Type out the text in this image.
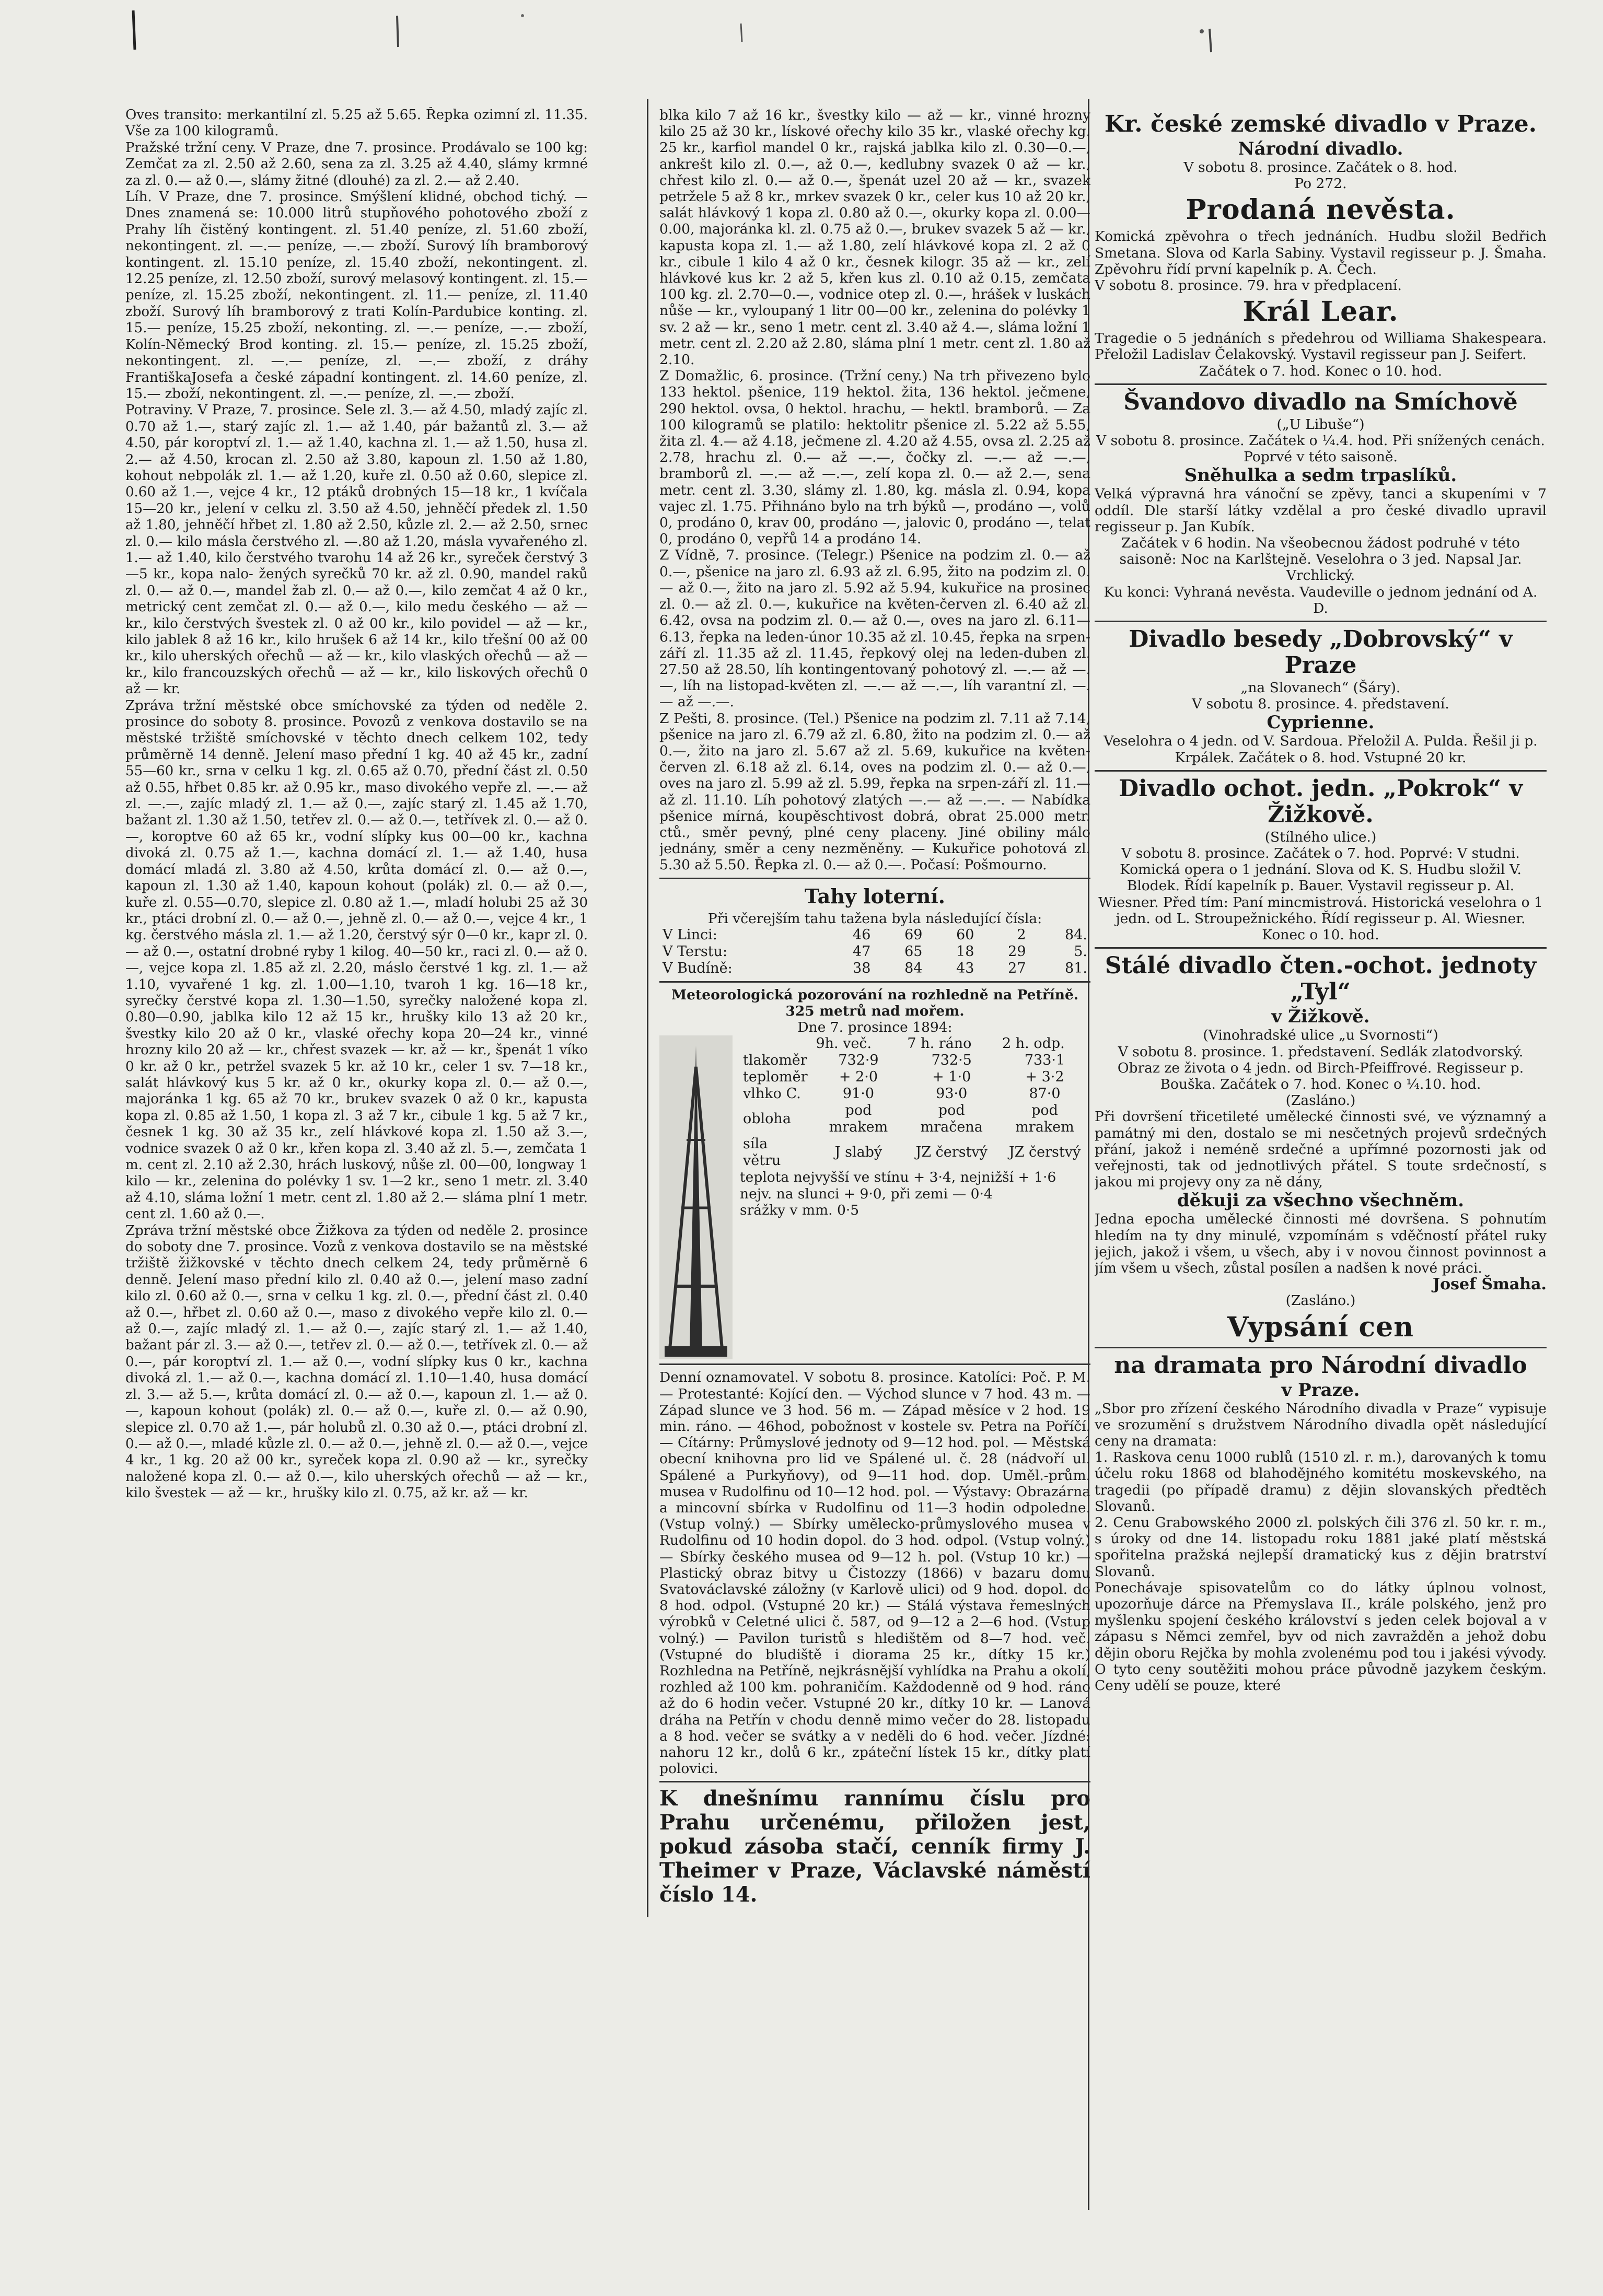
Oves transito: merkantilní zl. 5.25 až 5.65. Řepka ozimní zl. 11.35. Vše za 100 kilogramů.

Pražské tržní ceny. V Praze, dne 7. prosince. Prodávalo se 100 kg: Zemčat za zl. 2.50 až 2.60, sena za zl. 3.25 až 4.40, slámy krmné za zl. 0.— až 0.—, slámy žitné (dlouhé) za zl. 2.— až 2.40.

Líh. V Praze, dne 7. prosince. Smýšlení klidné, obchod tichý. — Dnes znamená se: 10.000 litrů stupňového pohotového zboží z Prahy líh čistěný kontingent. zl. 51.40 peníze, zl. 51.60 zboží, nekontingent. zl. —.— peníze, —.— zboží. Surový líh bramborový kontingent. zl. 15.10 peníze, zl. 15.40 zboží, nekontingent. zl. 12.25 peníze, zl. 12.50 zboží, surový melasový kontingent. zl. 15.— peníze, zl. 15.25 zboží, nekontingent. zl. 11.— peníze, zl. 11.40 zboží. Surový líh bramborový z trati Kolín-Pardubice konting. zl. 15.— peníze, 15.25 zboží, nekonting. zl. —.— peníze, —.— zboží, Kolín-Německý Brod konting. zl. 15.— peníze, zl. 15.25 zboží, nekontingent. zl. —.— peníze, zl. —.— zboží, z dráhy FrantiškaJosefa a české západní kontingent. zl. 14.60 peníze, zl. 15.— zboží, nekontingent. zl. —.— peníze, zl. —.— zboží.

Potraviny. V Praze, 7. prosince. Sele zl. 3.— až 4.50, mladý zajíc zl. 0.70 až 1.—, starý zajíc zl. 1.— až 1.40, pár bažantů zl. 3.— až 4.50, pár koroptví zl. 1.— až 1.40, kachna zl. 1.— až 1.50, husa zl. 2.— až 4.50, krocan zl. 2.50 až 3.80, kapoun zl. 1.50 až 1.80, kohout nebpolák zl. 1.— až 1.20, kuře zl. 0.50 až 0.60, slepice zl. 0.60 až 1.—, vejce 4 kr., 12 ptáků drobných 15—18 kr., 1 kvíčala 15—20 kr., jelení v celku zl. 3.50 až 4.50, jehněčí předek zl. 1.50 až 1.80, jehněčí hřbet zl. 1.80 až 2.50, kůzle zl. 2.— až 2.50, srnec zl. 0.— kilo másla čerstvého zl. —.80 až 1.20, másla vyvařeného zl. 1.— až 1.40, kilo čerstvého tvarohu 14 až 26 kr., syreček čerstvý 3—5 kr., kopa nalo- žených syrečků 70 kr. až zl. 0.90, mandel raků zl. 0.— až 0.—, mandel žab zl. 0.— až 0.—, kilo zemčat 4 až 0 kr., metrický cent zemčat zl. 0.— až 0.—, kilo medu českého — až — kr., kilo čerstvých švestek zl. 0 až 00 kr., kilo povidel — až — kr., kilo jablek 8 až 16 kr., kilo hrušek 6 až 14 kr., kilo třešní 00 až 00 kr., kilo uherských ořechů — až — kr., kilo vlaských ořechů — až — kr., kilo francouzských ořechů — až — kr., kilo liskových ořechů 0 až — kr.

Zpráva tržní městské obce smíchovské za týden od neděle 2. prosince do soboty 8. prosince. Povozů z venkova dostavilo se na městské tržiště smíchovské v těchto dnech celkem 102, tedy průměrně 14 denně. Jelení maso přední 1 kg. 40 až 45 kr., zadní 55—60 kr., srna v celku 1 kg. zl. 0.65 až 0.70, přední část zl. 0.50 až 0.55, hřbet 0.85 kr. až 0.95 kr., maso divokého vepře zl. —.— až zl. —.—, zajíc mladý zl. 1.— až 0.—, zajíc starý zl. 1.45 až 1.70, bažant zl. 1.30 až 1.50, tetřev zl. 0.— až 0.—, tetřívek zl. 0.— až 0.—, koroptve 60 až 65 kr., vodní slípky kus 00—00 kr., kachna divoká zl. 0.75 až 1.—, kachna domácí zl. 1.— až 1.40, husa domácí mladá zl. 3.80 až 4.50, krůta domácí zl. 0.— až 0.—, kapoun zl. 1.30 až 1.40, kapoun kohout (polák) zl. 0.— až 0.—, kuře zl. 0.55—0.70, slepice zl. 0.80 až 1.—, mladí holubi 25 až 30 kr., ptáci drobní zl. 0.— až 0.—, jehně zl. 0.— až 0.—, vejce 4 kr., 1 kg. čerstvého másla zl. 1.— až 1.20, čerstvý sýr 0—0 kr., kapr zl. 0.— až 0.—, ostatní drobné ryby 1 kilog. 40—50 kr., raci zl. 0.— až 0.—, vejce kopa zl. 1.85 až zl. 2.20, máslo čerstvé 1 kg. zl. 1.— až 1.10, vyvařené 1 kg. zl. 1.00—1.10, tvaroh 1 kg. 16—18 kr., syrečky čerstvé kopa zl. 1.30—1.50, syrečky naložené kopa zl. 0.80—0.90, jablka kilo 12 až 15 kr., hrušky kilo 13 až 20 kr., švestky kilo 20 až 0 kr., vlaské ořechy kopa 20—24 kr., vinné hrozny kilo 20 až — kr., chřest svazek — kr. až — kr., špenát 1 víko 0 kr. až 0 kr., petržel svazek 5 kr. až 10 kr., celer 1 sv. 7—18 kr., salát hlávkový kus 5 kr. až 0 kr., okurky kopa zl. 0.— až 0.—, majoránka 1 kg. 65 až 70 kr., brukev svazek 0 až 0 kr., kapusta kopa zl. 0.85 až 1.50, 1 kopa zl. 3 až 7 kr., cibule 1 kg. 5 až 7 kr., česnek 1 kg. 30 až 35 kr., zelí hlávkové kopa zl. 1.50 až 3.—, vodnice svazek 0 až 0 kr., křen kopa zl. 3.40 až zl. 5.—, zemčata 1 m. cent zl. 2.10 až 2.30, hrách luskový, nůše zl. 00—00, longway 1 kilo — kr., zelenina do polévky 1 sv. 1—2 kr., seno 1 metr. zl. 3.40 až 4.10, sláma ložní 1 metr. cent zl. 1.80 až 2.— sláma plní 1 metr. cent zl. 1.60 až 0.—.

Zpráva tržní městské obce Žižkova za týden od neděle 2. prosince do soboty dne 7. prosince. Vozů z venkova dostavilo se na městské tržiště žižkovské v těchto dnech celkem 24, tedy průměrně 6 denně. Jelení maso přední kilo zl. 0.40 až 0.—, jelení maso zadní kilo zl. 0.60 až 0.—, srna v celku 1 kg. zl. 0.—, přední část zl. 0.40 až 0.—, hřbet zl. 0.60 až 0.—, maso z divokého vepře kilo zl. 0.— až 0.—, zajíc mladý zl. 1.— až 0.—, zajíc starý zl. 1.— až 1.40, bažant pár zl. 3.— až 0.—, tetřev zl. 0.— až 0.—, tetřívek zl. 0.— až 0.—, pár koroptví zl. 1.— až 0.—, vodní slípky kus 0 kr., kachna divoká zl. 1.— až 0.—, kachna domácí zl. 1.10—1.40, husa domácí zl. 3.— až 5.—, krůta domácí zl. 0.— až 0.—, kapoun zl. 1.— až 0.—, kapoun kohout (polák) zl. 0.— až 0.—, kuře zl. 0.— až 0.90, slepice zl. 0.70 až 1.—, pár holubů zl. 0.30 až 0.—, ptáci drobní zl. 0.— až 0.—, mladé kůzle zl. 0.— až 0.—, jehně zl. 0.— až 0.—, vejce 4 kr., 1 kg. 20 až 00 kr., syreček kopa zl. 0.90 až — kr., syrečky naložené kopa zl. 0.— až 0.—, kilo uherských ořechů — až — kr., kilo švestek — až — kr., hrušky kilo zl. 0.75, až kr. až — kr.

blka kilo 7 až 16 kr., švestky kilo — až — kr., vinné hrozny kilo 25 až 30 kr., lískové ořechy kilo 35 kr., vlaské ořechy kg. 25 kr., karfiol mandel 0 kr., rajská jablka kilo zl. 0.30—0.—, ankrešt kilo zl. 0.—, až 0.—, kedlubny svazek 0 až — kr., chřest kilo zl. 0.— až 0.—, špenát uzel 20 až — kr., svazek petrželе 5 až 8 kr., mrkev svazek 0 kr., celer kus 10 až 20 kr., salát hlávkový 1 kopa zl. 0.80 až 0.—, okurky kopa zl. 0.00—0.00, majoránka kl. zl. 0.75 až 0.—, brukev svazek 5 až — kr., kapusta kopa zl. 1.— až 1.80, zelí hlávkové kopa zl. 2 až 0 kr., cibule 1 kilo 4 až 0 kr., česnek kilogr. 35 až — kr., zelí hlávkové kus kr. 2 až 5, křen kus zl. 0.10 až 0.15, zemčata 100 kg. zl. 2.70—0.—, vodnice otep zl. 0.—, hrášek v luskách nůše — kr., vyloupaný 1 litr 00—00 kr., zelenina do polévky 1 sv. 2 až — kr., seno 1 metr. cent zl. 3.40 až 4.—, sláma ložní 1 metr. cent zl. 2.20 až 2.80, sláma plní 1 metr. cent zl. 1.80 až 2.10.

Z Domažlic, 6. prosince. (Tržní ceny.) Na trh přivezeno bylo 133 hektol. pšenice, 119 hektol. žita, 136 hektol. ječmene, 290 hektol. ovsa, 0 hektol. hrachu, — hektl. bramborů. — Za 100 kilogramů se platilo: hektolitr pšenice zl. 5.22 až 5.55, žita zl. 4.— až 4.18, ječmene zl. 4.20 až 4.55, ovsa zl. 2.25 až 2.78, hrachu zl. 0.— až —.—, čočky zl. —.— až —.—, bramborů zl. —.— až —.—, zelí kopa zl. 0.— až 2.—, sena metr. cent zl. 3.30, slámy zl. 1.80, kg. másla zl. 0.94, kopa vajec zl. 1.75. Přihnáno bylo na trh býků —, prodáno —, volů 0, prodáno 0, krav 00, prodáno —, jalovic 0, prodáno —, telat 0, prodáno 0, vepřů 14 a prodáno 14.

Z Vídně, 7. prosince. (Telegr.) Pšenice na podzim zl. 0.— až 0.—, pšenice na jaro zl. 6.93 až zl. 6.95, žito na podzim zl. 0.— až 0.—, žito na jaro zl. 5.92 až 5.94, kukuřice na prosinec zl. 0.— až zl. 0.—, kukuřice na květen-červen zl. 6.40 až zl. 6.42, ovsa na podzim zl. 0.— až 0.—, oves na jaro zl. 6.11—6.13, řepka na leden-únor 10.35 až zl. 10.45, řepka na srpen-září zl. 11.35 až zl. 11.45, řepkový olej na leden-duben zl. 27.50 až 28.50, líh kontingentovaný pohotový zl. —.— až —.—, líh na listopad-květen zl. —.— až —.—, líh varantní zl. —.— až —.—.

Z Pešti, 8. prosince. (Tel.) Pšenice na podzim zl. 7.11 až 7.14, pšenice na jaro zl. 6.79 až zl. 6.80, žito na podzim zl. 0.— až 0.—, žito na jaro zl. 5.67 až zl. 5.69, kukuřice na květen-červen zl. 6.18 až zl. 6.14, oves na podzim zl. 0.— až 0.—, oves na jaro zl. 5.99 až zl. 5.99, řepka na srpen-září zl. 11.— až zl. 11.10. Líh pohotový zlatých —.— až —.—. — Nabídka pšenice mírná, koupěschtivost dobrá, obrat 25.000 metr. ctů., směr pevný, plné ceny placeny. Jiné obiliny málo jednány, směr a ceny nezměněny. — Kukuřice pohotová zl. 5.30 až 5.50. Řepka zl. 0.— až 0.—. Počasí: Pošmourno.

Tahy loterní.

Při včerejším tahu tažena byla následující čísla:

V Linci:	46	69	60	2	84.
V Terstu:	47	65	18	29	5.
V Budíně:	38	84	43	27	81.

Meteorologická pozorování na rozhledně na Petříně. 325 metrů nad mořem.

Dne 7. prosince 1894:

	9h. več.	7 h. ráno	2 h. odp.
tlakoměr	732·9	732·5	733·1
teploměr	+ 2·0	+ 1·0	+ 3·2
vlhko C.	91·0	93·0	87·0
obloha	pod mrakem	pod mračena	pod mrakem
síla větru	J slabý	JZ čerstvý	JZ čerstvý

teplota nejvyšší ve stínu + 3·4, nejnižší + 1·6

nejv. na slunci + 9·0, při zemi — 0·4

srážky v mm. 0·5

Denní oznamovatel. V sobotu 8. prosince. Katolíci: Poč. P. M. — Protestanté: Kojící den. — Východ slunce v 7 hod. 43 m. — Západ slunce ve 3 hod. 56 m. — Západ měsíce v 2 hod. 19 min. ráno. — 46hod, pobožnost v kostele sv. Petra na Poříčí. — Cítárny: Průmyslové jednoty od 9—12 hod. pol. — Městská obecní knihovna pro lid ve Spálené ul. č. 28 (nádvoří ul. Spálené a Purkyňovy), od 9—11 hod. dop. Uměl.-prům. musea v Rudolfinu od 10—12 hod. pol. — Výstavy: Obrazárna a mincovní sbírka v Rudolfinu od 11—3 hodin odpoledne. (Vstup volný.) — Sbírky umělecko-průmyslového musea v Rudolfinu od 10 hodin dopol. do 3 hod. odpol. (Vstup volný.) — Sbírky českého musea od 9—12 h. pol. (Vstup 10 kr.) — Plastický obraz bitvy u Čistozzy (1866) v bazaru domu Svatováclavské záložny (v Karlově ulici) od 9 hod. dopol. do 8 hod. odpol. (Vstupné 20 kr.) — Stálá výstava řemeslných výrobků v Celetné ulici č. 587, od 9—12 a 2—6 hod. (Vstup volný.) — Pavilon turistů s hledištěm od 8—7 hod. več. (Vstupné do bludiště i diorama 25 kr., dítky 15 kr.) Rozhledna na Petříně, nejkrásnější vyhlídka na Prahu a okolí, rozhled až 100 km. pohraničím. Každodenně od 9 hod. ráno až do 6 hodin večer. Vstupné 20 kr., dítky 10 kr. — Lanová dráha na Petřín v chodu denně mimo večer do 28. listopadu a 8 hod. večer se svátky a v neděli do 6 hod. večer. Jízdné: nahoru 12 kr., dolů 6 kr., zpáteční lístek 15 kr., dítky platí polovici.

K dnešnímu rannímu číslu pro Prahu určenému, přiložen jest, pokud zásoba stačí, cenník firmy J. Theimer v Praze, Václavské náměstí číslo 14.

Kr. české zemské divadlo v Praze.
Národní divadlo.

V sobotu 8. prosince. Začátek o 8. hod.

Po 272.

Prodaná nevěsta.

Komická zpěvohra o třech jednáních. Hudbu složil Bedřich Smetana. Slova od Karla Sabiny. Vystavil regisseur p. J. Šmaha. Zpěvohru řídí první kapelník p. A. Čech.

V sobotu 8. prosince. 79. hra v předplacení.

Král Lear.

Tragedie o 5 jednáních s předehrou od Williama Shakespeara. Přeložil Ladislav Čelakovský. Vystavil regisseur pan J. Seifert.

Začátek o 7. hod. Konec o 10. hod.

Švandovo divadlo na Smíchově

(„U Libuše“)

V sobotu 8. prosince. Začátek o ¼.4. hod. Při snížených cenách.

Poprvé v této saisoně.

Sněhulka a sedm trpaslíků.

Velká výpravná hra vánoční se zpěvy, tanci a skupeními v 7 oddíl. Dle starší látky vzdělal a pro české divadlo upravil regisseur p. Jan Kubík.

Začátek v 6 hodin. Na všeobecnou žádost podruhé v této saisoně: Noc na Karlštejně. Veselohra o 3 jed. Napsal Jar. Vrchlický.

Ku konci: Vyhraná nevěsta. Vaudeville o jednom jednání od A. D.

Divadlo besedy „Dobrovský“ v Praze

„na Slovanech“ (Šáry).

V sobotu 8. prosince. 4. představení.

Cyprienne.

Veselohra o 4 jedn. od V. Sardoua. Přeložil A. Pulda. Řešil ji p. Krpálek. Začátek o 8. hod. Vstupné 20 kr.

Divadlo ochot. jedn. „Pokrok“ v Žižkově.

(Stílného ulice.)

V sobotu 8. prosince. Začátek o 7. hod. Poprvé: V studni. Komická opera o 1 jednání. Slova od K. S. Hudbu složil V. Blodek. Řídí kapelník p. Bauer. Vystavil regisseur p. Al. Wiesner. Před tím: Paní mincmistrová. Historická veselohra o 1 jedn. od L. Stroupežnického. Řídí regisseur p. Al. Wiesner. Konec o 10. hod.

Stálé divadlo čten.-ochot. jednoty „Tyl“
v Žižkově.

(Vinohradské ulice „u Svornosti“)

V sobotu 8. prosince. 1. představení. Sedlák zlatodvorský. Obraz ze života o 4 jedn. od Birch-Pfeiffrové. Regisseur p. Bouška. Začátek o 7. hod. Konec o ¼.10. hod.

(Zasláno.)

Při dovršení třicetileté umělecké činnosti své, ve významný a památný mi den, dostalo se mi nesčetných projevů srdečných přání, jakož i neméně srdečné a upřímné pozornosti jak od veřejnosti, tak od jednotlivých přátel. S toute srdečností, s jakou mi projevy ony za ně dány,

děkuji za všechno všechněm.

Jedna epocha umělecké činnosti mé dovršena. S pohnutím hledím na ty dny minulé, vzpomínám s vděčností přátel ruky jejich, jakož i všem, u všech, aby i v novou činnost povinnost a jím všem u všech, zůstal posílen a nadšen k nové práci.

Josef Šmaha.

(Zasláno.)

Vypsání cen
na dramata pro Národní divadlo
v Praze.

„Sbor pro zřízení českého Národního divadla v Praze“ vypisuje ve srozumění s družstvem Národního divadla opět následující ceny na dramata:

1. Raskova cenu 1000 rublů (1510 zl. r. m.), darovaných k tomu účelu roku 1868 od blahodějného komitétu moskevského, na tragedii (po případě dramu) z dějin slovanských předtěch Slovanů.

2. Cenu Grabowského 2000 zl. polských čili 376 zl. 50 kr. r. m., s úroky od dne 14. listopadu roku 1881 jaké platí městská spořitelna pražská nejlepší dramatický kus z dějin bratrství Slovanů.

Ponechávaje spisovatelům co do látky úplnou volnost, upozorňuje dárce na Přemyslava II., krále polského, jenž pro myšlenku spojení českého království s jeden celek bojoval a v zápasu s Němci zemřel, byv od nich zavražděn a jehož dobu dějin oboru Rejčka by mohla zvolenému pod tou i jakési vývody. O tyto ceny soutěžiti mohou práce původně jazykem českým. Ceny udělí se pouze, které
